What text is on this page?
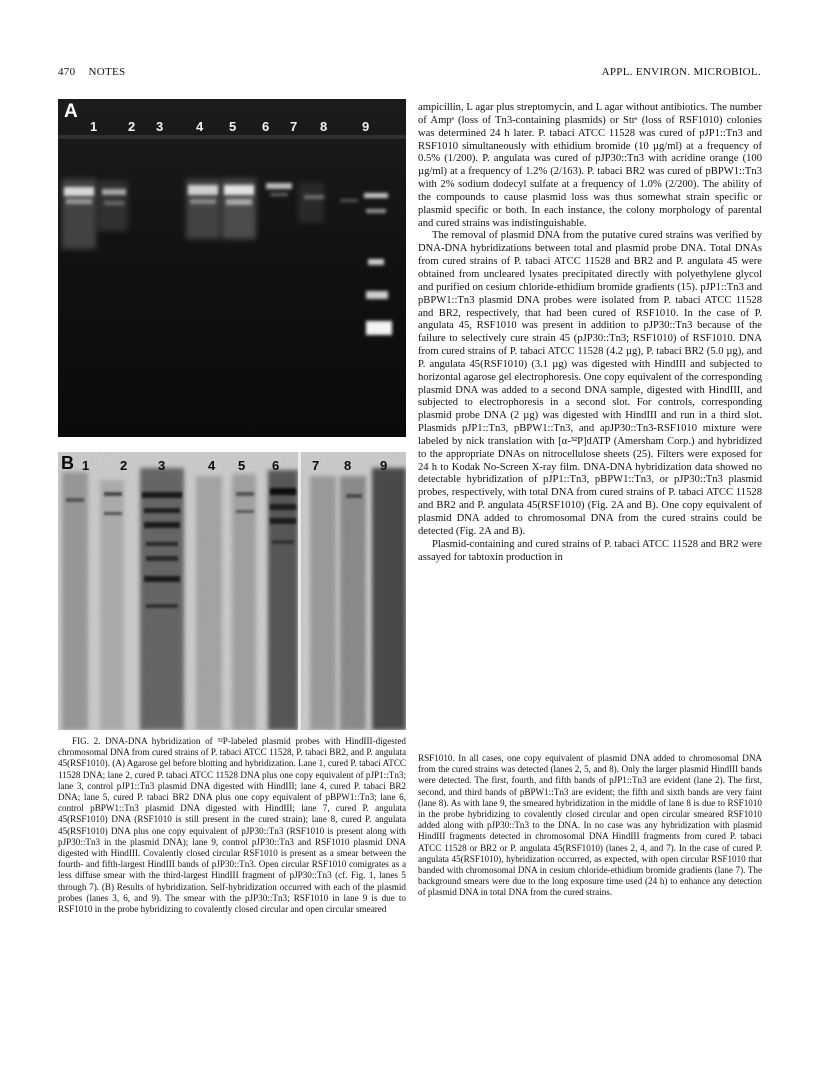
470 NOTES	APPL. ENVIRON. MICROBIOL.
A
1 2 3	4 5 6 7 8	9
B 1 2 3	4 5 6	7 8 9

ampicillin, L agar plus streptomycin, and L agar without antibiotics. The number of Ampˢ (loss of Tn3-containing plasmids) or Strˢ (loss of RSF1010) colonies was determined 24 h later. P. tabaci ATCC 11528 was cured of pJP1::Tn3 and RSF1010 simultaneously with ethidium bromide (10 µg/ml) at a frequency of 0.5% (1/200). P. angulata was cured of pJP30::Tn3 with acridine orange (100 µg/ml) at a frequency of 1.2% (2/163). P. tabaci BR2 was cured of pBPW1::Tn3 with 2% sodium dodecyl sulfate at a frequency of 1.0% (2/200). The ability of the compounds to cause plasmid loss was thus somewhat strain specific or plasmid specific or both. In each instance, the colony morphology of parental and cured strains was indistinguishable.

The removal of plasmid DNA from the putative cured strains was verified by DNA-DNA hybridizations between total and plasmid probe DNA. Total DNAs from cured strains of P. tabaci ATCC 11528 and BR2 and P. angulata 45 were obtained from uncleared lysates precipitated directly with polyethylene glycol and purified on cesium chloride-ethidium bromide gradients (15). pJP1::Tn3 and pBPW1::Tn3 plasmid DNA probes were isolated from P. tabaci ATCC 11528 and BR2, respectively, that had been cured of RSF1010. In the case of P. angulata 45, RSF1010 was present in addition to pJP30::Tn3 because of the failure to selectively cure strain 45 (pJP30::Tn3; RSF1010) of RSF1010. DNA from cured strains of P. tabaci ATCC 11528 (4.2 µg), P. tabaci BR2 (5.0 µg), and P. angulata 45(RSF1010) (3.1 µg) was digested with HindIII and subjected to horizontal agarose gel electrophoresis. One copy equivalent of the corresponding plasmid DNA was added to a second DNA sample, digested with HindIII, and subjected to electrophoresis in a second slot. For controls, corresponding plasmid probe DNA (2 µg) was digested with HindIII and run in a third slot. Plasmids pJP1::Tn3, pBPW1::Tn3, and apJP30::Tn3-RSF1010 mixture were labeled by nick translation with [α-³²P]dATP (Amersham Corp.) and hybridized to the appropriate DNAs on nitrocellulose sheets (25). Filters were exposed for 24 h to Kodak No-Screen X-ray film. DNA-DNA hybridization data showed no detectable hybridization of pJP1::Tn3, pBPW1::Tn3, or pJP30::Tn3 plasmid probes, respectively, with total DNA from cured strains of P. tabaci ATCC 11528 and BR2 and P. angulata 45(RSF1010) (Fig. 2A and B). One copy equivalent of plasmid DNA added to chromosomal DNA from the cured strains could be detected (Fig. 2A and B).

Plasmid-containing and cured strains of P. tabaci ATCC 11528 and BR2 were assayed for tabtoxin production in

FIG. 2. DNA-DNA hybridization of ³²P-labeled plasmid probes with HindIII-digested chromosomal DNA from cured strains of P. tabaci ATCC 11528, P. tabaci BR2, and P. angulata 45(RSF1010). (A) Agarose gel before blotting and hybridization. Lane 1, cured P. tabaci ATCC 11528 DNA; lane 2, cured P. tabaci ATCC 11528 DNA plus one copy equivalent of pJP1::Tn3; lane 3, control pJP1::Tn3 plasmid DNA digested with HindIII; lane 4, cured P. tabaci BR2 DNA; lane 5, cured P. tabaci BR2 DNA plus one copy equivalent of pBPW1::Tn3; lane 6, control pBPW1::Tn3 plasmid DNA digested with HindIII; lane 7, cured P. angulata 45(RSF1010) DNA (RSF1010 is still present in the cured strain); lane 8, cured P. angulata 45(RSF1010) DNA plus one copy equivalent of pJP30::Tn3 (RSF1010 is present along with pJP30::Tn3 in the plasmid DNA); lane 9, control pJP30::Tn3 and RSF1010 plasmid DNA digested with HindIII. Covalently closed circular RSF1010 is present as a smear between the fourth- and fifth-largest HindIII bands of pJP30::Tn3. Open circular RSF1010 comigrates as a less diffuse smear with the third-largest HindIII fragment of pJP30::Tn3 (cf. Fig. 1, lanes 5 through 7). (B) Results of hybridization. Self-hybridization occurred with each of the plasmid probes (lanes 3, 6, and 9). The smear with the pJP30::Tn3; RSF1010 in lane 9 is due to RSF1010 in the probe hybridizing to covalently closed circular and open circular smeared

RSF1010. In all cases, one copy equivalent of plasmid DNA added to chromosomal DNA from the cured strains was detected (lanes 2, 5, and 8). Only the larger plasmid HindIII bands were detected. The first, fourth, and fifth bands of pJP1::Tn3 are evident (lane 2). The first, second, and third bands of pBPW1::Tn3 are evident; the fifth and sixth bands are very faint (lane 8). As with lane 9, the smeared hybridization in the middle of lane 8 is due to RSF1010 in the probe hybridizing to covalently closed circular and open circular smeared RSF1010 added along with pJP30::Tn3 to the DNA. In no case was any hybridization with plasmid HindIII fragments detected in chromosomal DNA HindIII fragments from cured P. tabaci ATCC 11528 or BR2 or P. angulata 45(RSF1010) (lanes 2, 4, and 7). In the case of cured P. angulata 45(RSF1010), hybridization occurred, as expected, with open circular RSF1010 that banded with chromosomal DNA in cesium chloride-ethidium bromide gradients (lane 7). The background smears were due to the long exposure time used (24 h) to enhance any detection of plasmid DNA in total DNA from the cured strains.
